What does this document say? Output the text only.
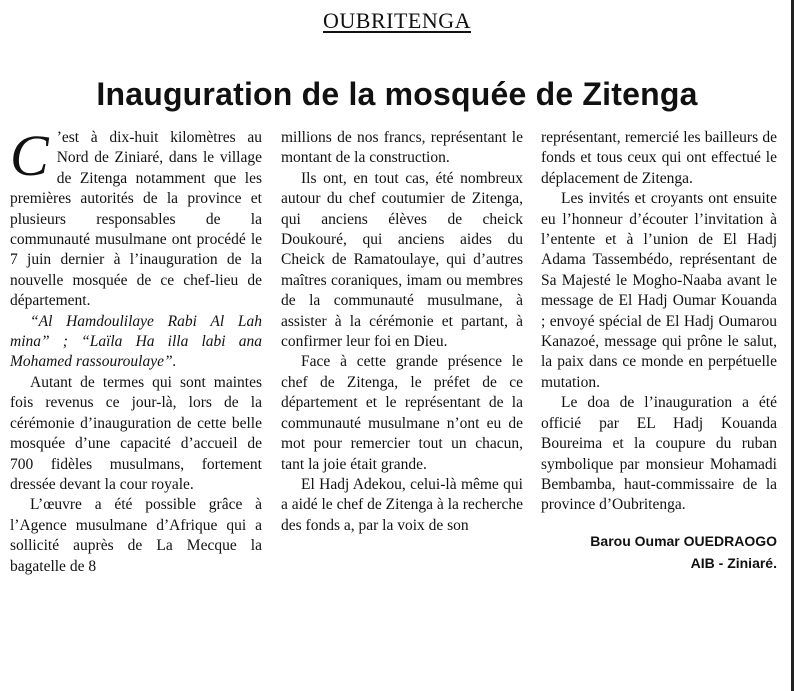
OUBRITENGA
Inauguration de la mosquée de Zitenga

C ’est à dix-huit kilomètres au Nord de Ziniaré, dans le village de Zitenga notamment que les premières autorités de la province et plusieurs responsables de la communauté musulmane ont procédé le 7 juin dernier à l’inauguration de la nouvelle mosquée de ce chef-lieu de département.

“Al Hamdoulilaye Rabi Al Lah mina” ; “Laïla Ha illa labi ana Mohamed rassouroulaye”.

Autant de termes qui sont maintes fois revenus ce jour-là, lors de la cérémonie d’inauguration de cette belle mosquée d’une capacité d’accueil de 700 fidèles musulmans, fortement dressée devant la cour royale.

L’œuvre a été possible grâce à l’Agence musulmane d’Afrique qui a sollicité auprès de La Mecque la bagatelle de 8

millions de nos francs, représentant le montant de la construction.

Ils ont, en tout cas, été nombreux autour du chef coutumier de Zitenga, qui anciens élèves de cheick Doukouré, qui anciens aides du Cheick de Ramatoulaye, qui d’autres maîtres coraniques, imam ou membres de la communauté musulmane, à assister à la cérémonie et partant, à confirmer leur foi en Dieu.

Face à cette grande présence le chef de Zitenga, le préfet de ce département et le représentant de la communauté musulmane n’ont eu de mot pour remercier tout un chacun, tant la joie était grande.

El Hadj Adekou, celui-là même qui a aidé le chef de Zitenga à la recherche des fonds a, par la voix de son

représentant, remercié les bailleurs de fonds et tous ceux qui ont effectué le déplacement de Zitenga.

Les invités et croyants ont ensuite eu l’honneur d’écouter l’invitation à l’entente et à l’union de El Hadj Adama Tassembédo, représentant de Sa Majesté le Mogho-Naaba avant le message de El Hadj Oumar Kouanda ; envoyé spécial de El Hadj Oumarou Kanazoé, message qui prône le salut, la paix dans ce monde en perpétuelle mutation.

Le doa de l’inauguration a été officié par EL Hadj Kouanda Boureima et la coupure du ruban symbolique par monsieur Mohamadi Bembamba, haut-commissaire de la province d’Oubritenga.

Barou Oumar OUEDRAOGO
AIB - Ziniaré.
